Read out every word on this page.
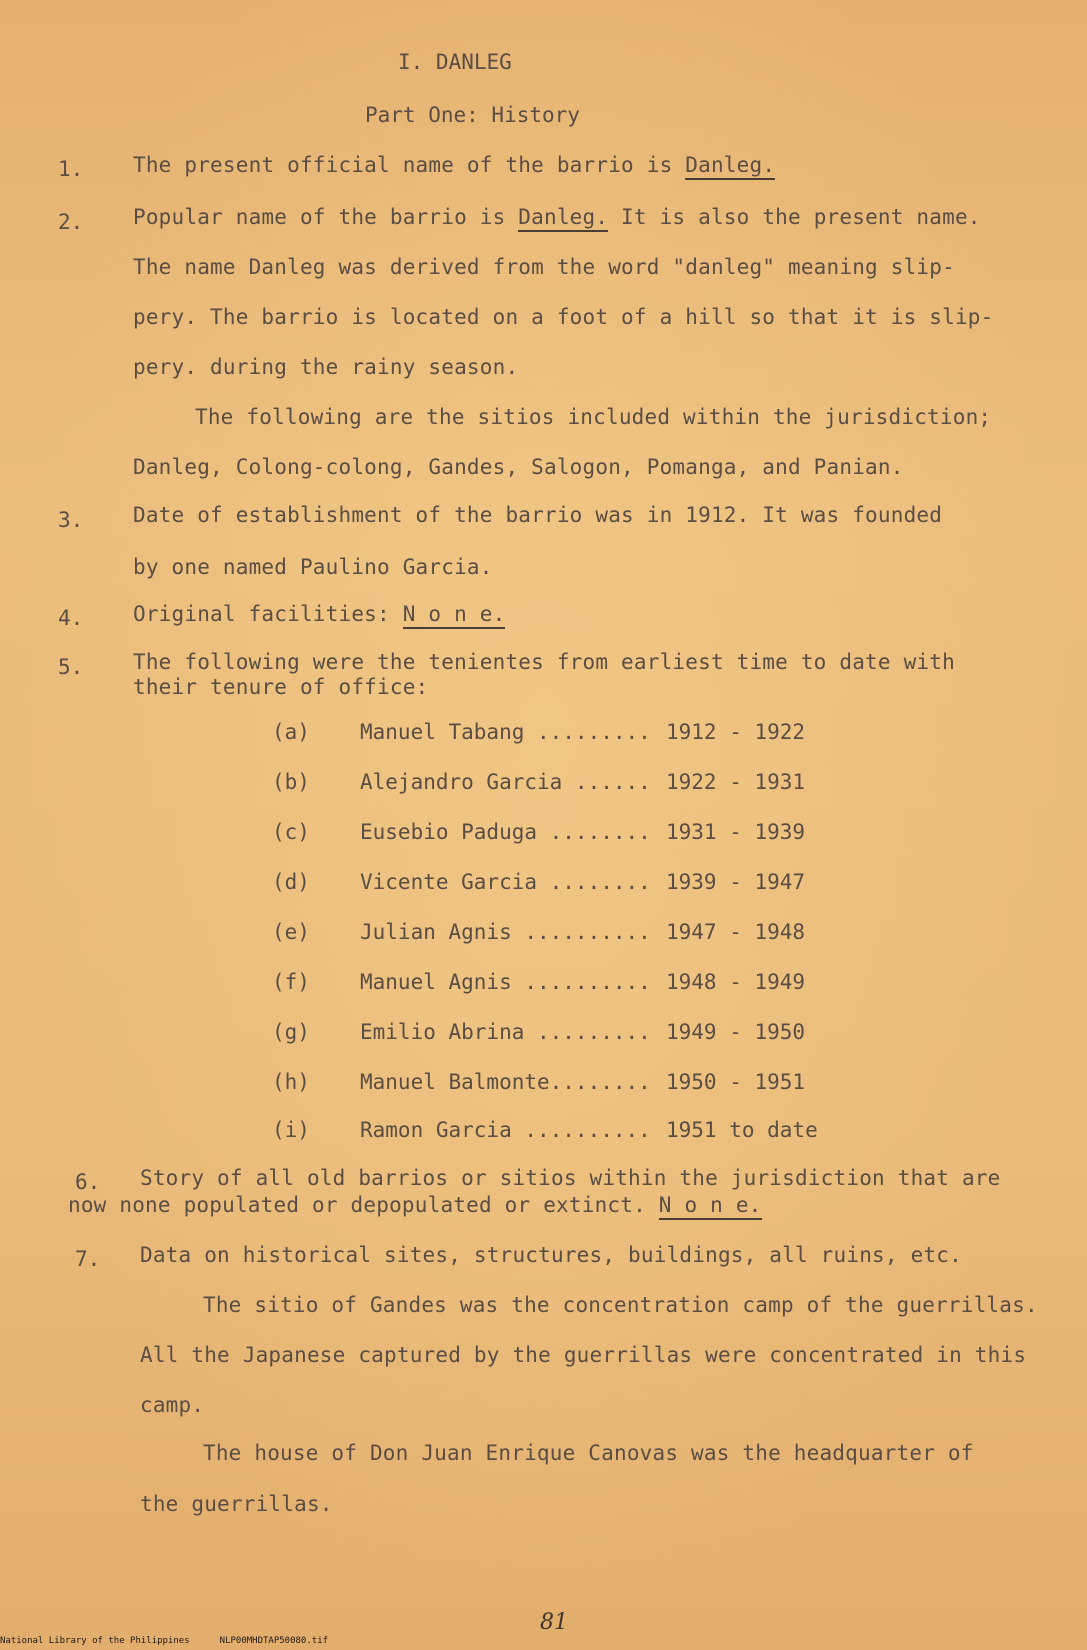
I. DANLEG
Part One: History
1. The present official name of the barrio is Danleg.
2. Popular name of the barrio is Danleg. It is also the present name.
The name Danleg was derived from the word "danleg" meaning slip-
pery. The barrio is located on a foot of a hill so that it is slip-
pery. during the rainy season.
The following are the sitios included within the jurisdiction;
Danleg, Colong-colong, Gandes, Salogon, Pomanga, and Panian.
3. Date of establishment of the barrio was in 1912. It was founded
by one named Paulino Garcia.
4. Original facilities: N o n e.
5. The following were the tenientes from earliest time to date with
their tenure of office:
(a) Manuel Tabang ......... 1912 - 1922
(b) Alejandro Garcia ...... 1922 - 1931
(c) Eusebio Paduga ........ 1931 - 1939
(d) Vicente Garcia ........ 1939 - 1947
(e) Julian Agnis .......... 1947 - 1948
(f) Manuel Agnis .......... 1948 - 1949
(g) Emilio Abrina ......... 1949 - 1950
(h) Manuel Balmonte........ 1950 - 1951
(i) Ramon Garcia .......... 1951 to date
6. Story of all old barrios or sitios within the jurisdiction that are
now none populated or depopulated or extinct. N o n e.
7. Data on historical sites, structures, buildings, all ruins, etc.
The sitio of Gandes was the concentration camp of the guerrillas.
All the Japanese captured by the guerrillas were concentrated in this
camp.
The house of Don Juan Enrique Canovas was the headquarter of
the guerrillas.
81
National Library of the Philippines	NLP00MHDTAP50080.tif
